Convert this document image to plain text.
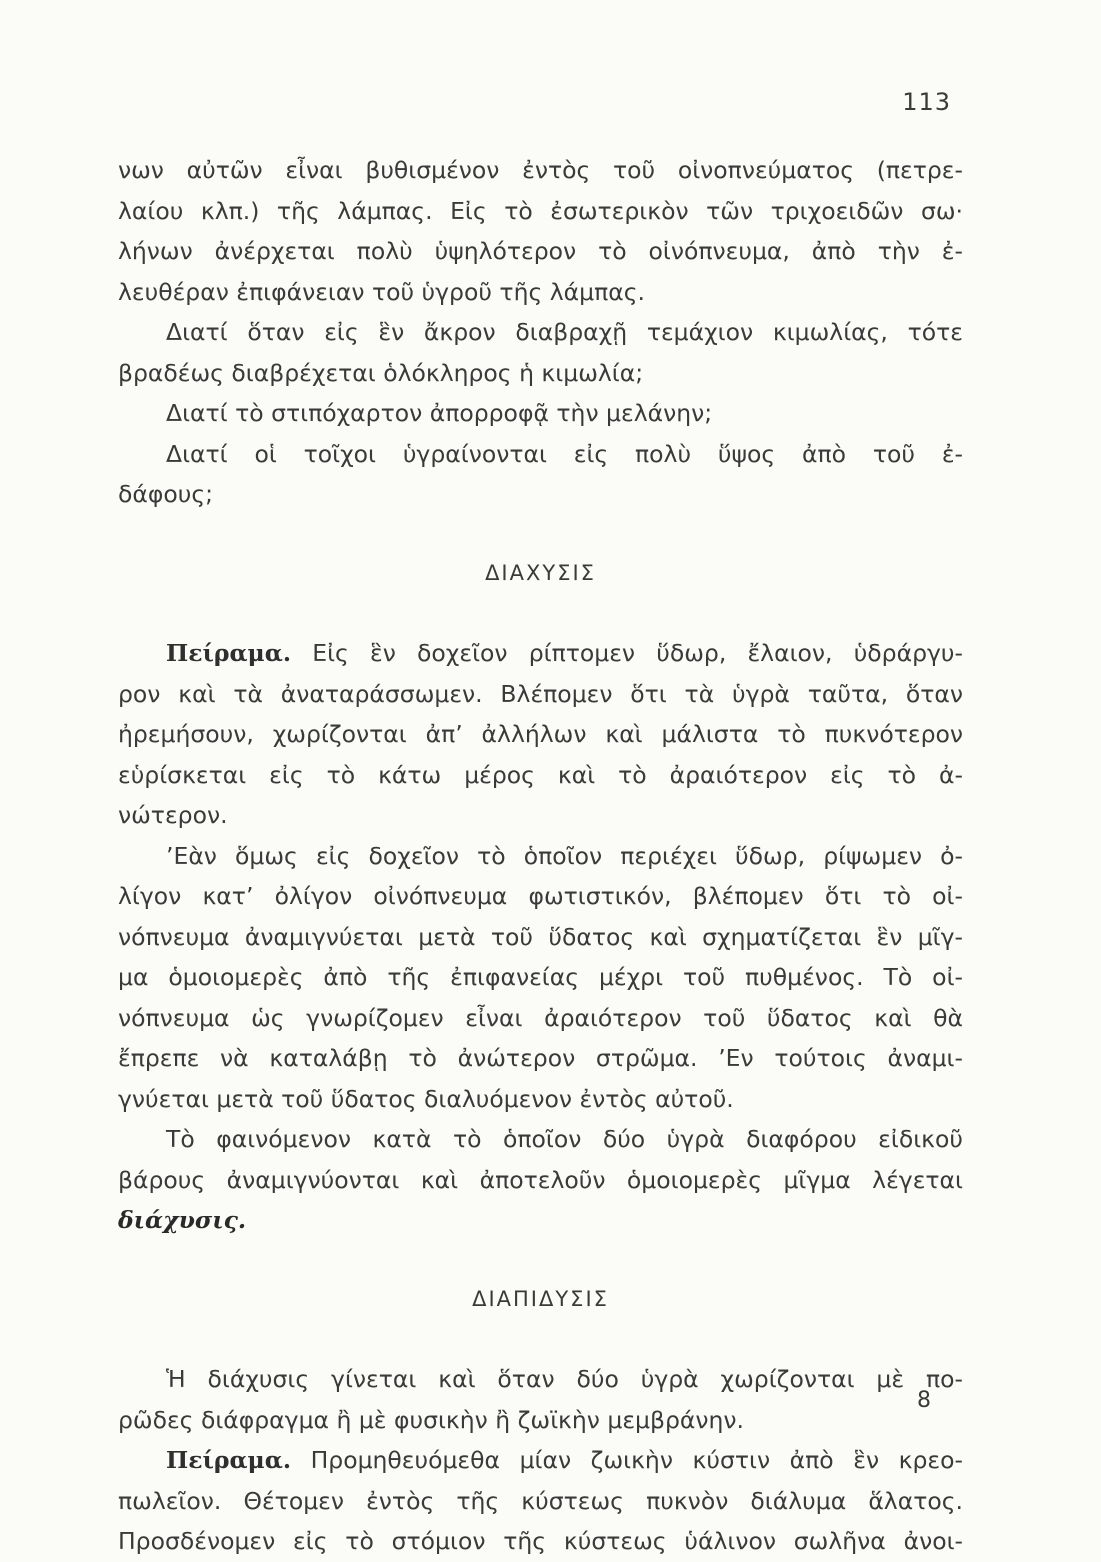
113
νων αὐτῶν εἶναι βυθισμένον ἐντὸς τοῦ οἰνοπνεύματος (πετρε-
λαίου κλπ.) τῆς λάμπας. Εἰς τὸ ἐσωτερικὸν τῶν τριχοειδῶν σω·
λήνων ἀνέρχεται πολὺ ὑψηλότερον τὸ οἰνόπνευμα, ἀπὸ τὴν ἐ-
λευθέραν ἐπιφάνειαν τοῦ ὑγροῦ τῆς λάμπας.
Διατί ὅταν εἰς ἓν ἄκρον διαβραχῇ τεμάχιον κιμωλίας, τότε
βραδέως διαβρέχεται ὁλόκληρος ἡ κιμωλία;
Διατί τὸ στιπόχαρτον ἀπορροφᾷ τὴν μελάνην;
Διατί οἱ τοῖχοι ὑγραίνονται εἰς πολὺ ὕψος ἀπὸ τοῦ ἐ-
δάφους;
ΔΙΑΧΥΣΙΣ
Πείραμα. Εἰς ἓν δοχεῖον ρίπτομεν ὕδωρ, ἔλαιον, ὑδράργυ-
ρον καὶ τὰ ἀναταράσσωμεν. Βλέπομεν ὅτι τὰ ὑγρὰ ταῦτα, ὅταν
ἠρεμήσουν, χωρίζονται ἀπ’ ἀλλήλων καὶ μάλιστα τὸ πυκνότερον
εὑρίσκεται εἰς τὸ κάτω μέρος καὶ τὸ ἀραιότερον εἰς τὸ ἀ-
νώτερον.
’Εὰν ὅμως εἰς δοχεῖον τὸ ὁποῖον περιέχει ὕδωρ, ρίψωμεν ὀ-
λίγον κατ’ ὀλίγον οἰνόπνευμα φωτιστικόν, βλέπομεν ὅτι τὸ οἰ-
νόπνευμα ἀναμιγνύεται μετὰ τοῦ ὕδατος καὶ σχηματίζεται ἓν μῖγ-
μα ὁμοιομερὲς ἀπὸ τῆς ἐπιφανείας μέχρι τοῦ πυθμένος. Τὸ οἰ-
νόπνευμα ὡς γνωρίζομεν εἶναι ἀραιότερον τοῦ ὕδατος καὶ θὰ
ἔπρεπε νὰ καταλάβῃ τὸ ἀνώτερον στρῶμα. ’Εν τούτοις ἀναμι-
γνύεται μετὰ τοῦ ὕδατος διαλυόμενον ἐντὸς αὐτοῦ.
Τὸ φαινόμενον κατὰ τὸ ὁποῖον δύο ὑγρὰ διαφόρου εἰδικοῦ
βάρους ἀναμιγνύονται καὶ ἀποτελοῦν ὁμοιομερὲς μῖγμα λέγεται
διάχυσις.
ΔΙΑΠΙΔΥΣΙΣ
Ἡ διάχυσις γίνεται καὶ ὅταν δύο ὑγρὰ χωρίζονται μὲ πο-
ρῶδες διάφραγμα ἢ μὲ φυσικὴν ἢ ζωϊκὴν μεμβράνην.
Πείραμα. Προμηθευόμεθα μίαν ζωικὴν κύστιν ἀπὸ ἓν κρεο-
πωλεῖον. Θέτομεν ἐντὸς τῆς κύστεως πυκνὸν διάλυμα ἅλατος.
Προσδένομεν εἰς τὸ στόμιον τῆς κύστεως ὑάλινον σωλῆνα ἀνοι-
8
